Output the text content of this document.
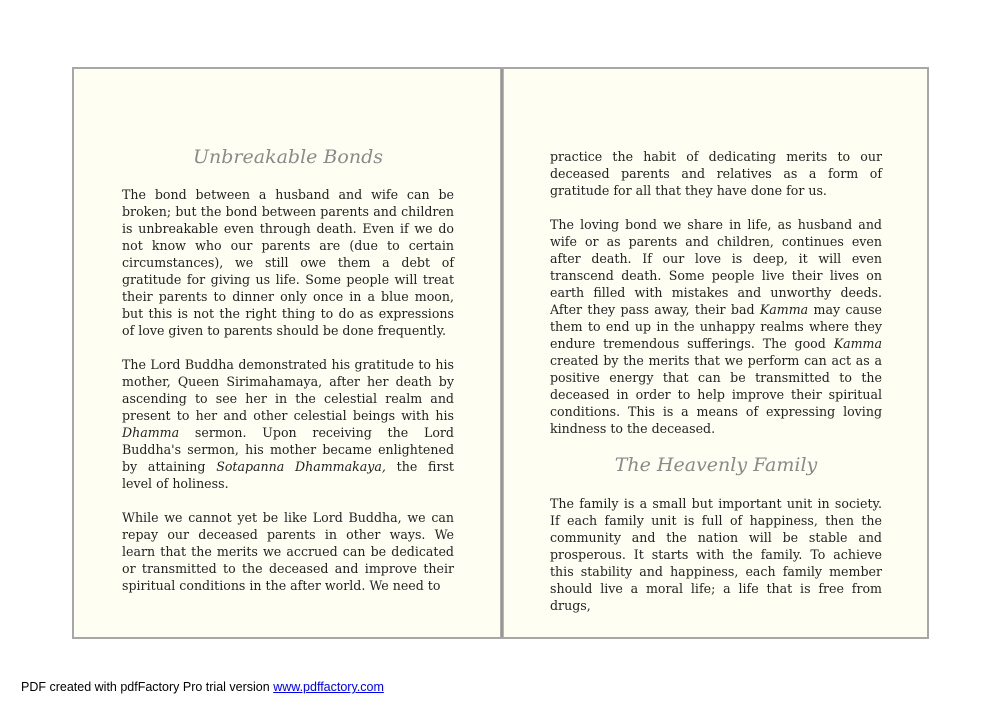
Unbreakable Bonds

The bond between a husband and wife can be broken; but the bond between parents and children is unbreakable even through death. Even if we do not know who our parents are (due to certain circumstances), we still owe them a debt of gratitude for giving us life. Some people will treat their parents to dinner only once in a blue moon, but this is not the right thing to do as expressions of love given to parents should be done frequently.

The Lord Buddha demonstrated his gratitude to his mother, Queen Sirimahamaya, after her death by ascending to see her in the celestial realm and present to her and other celestial beings with his Dhamma sermon. Upon receiving the Lord Buddha's sermon, his mother became enlightened by attaining Sotapanna Dhammakaya, the first level of holiness.

While we cannot yet be like Lord Buddha, we can repay our deceased parents in other ways. We learn that the merits we accrued can be dedicated or transmitted to the deceased and improve their spiritual conditions in the after world. We need to

practice the habit of dedicating merits to our deceased parents and relatives as a form of gratitude for all that they have done for us.

The loving bond we share in life, as husband and wife or as parents and children, continues even after death. If our love is deep, it will even transcend death. Some people live their lives on earth filled with mistakes and unworthy deeds. After they pass away, their bad Kamma may cause them to end up in the unhappy realms where they endure tremendous sufferings. The good Kamma created by the merits that we perform can act as a positive energy that can be transmitted to the deceased in order to help improve their spiritual conditions. This is a means of expressing loving kindness to the deceased.

The Heavenly Family

The family is a small but important unit in society. If each family unit is full of happiness, then the community and the nation will be stable and prosperous. It starts with the family. To achieve this stability and happiness, each family member should live a moral life; a life that is free from drugs,

PDF created with pdfFactory Pro trial version www.pdffactory.com
